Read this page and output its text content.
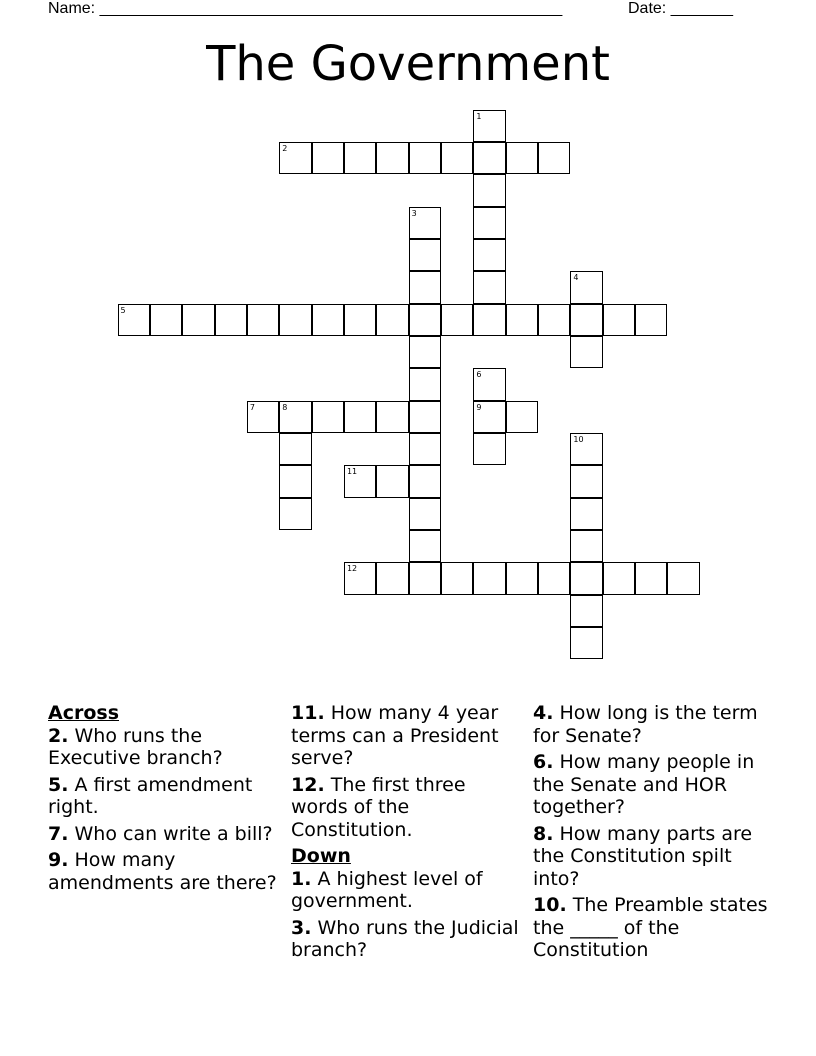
Name: ____________________________________________________	Date: _______
The Government
1
2
3
4
5
6
9
7	8
10
11
12
Across
2. Who runs the Executive branch?
5. A first amendment right.
7. Who can write a bill?
9. How many amendments are there?
11. How many 4 year terms can a President serve?
12. The first three words of the Constitution.
Down
1. A highest level of government.
3. Who runs the Judicial branch?
4. How long is the term for Senate?
6. How many people in the Senate and HOR together?
8. How many parts are the Constitution spilt into?
10. The Preamble states the _____ of the Constitution
